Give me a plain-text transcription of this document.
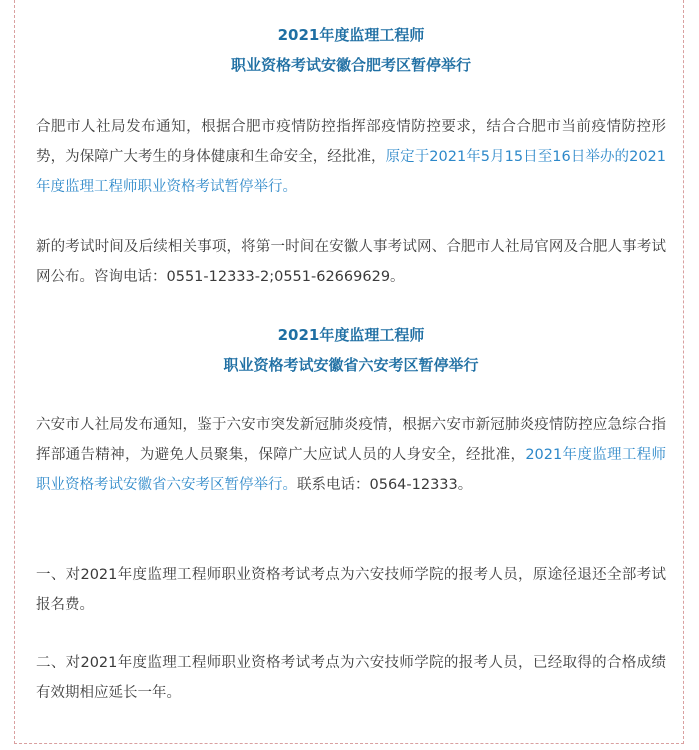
2021年度监理工程师

职业资格考试安徽合肥考区暂停举行

合肥市人社局发布通知，根据合肥市疫情防控指挥部疫情防控要求，结合合肥市当前疫情防控形势，为保障广大考生的身体健康和生命安全，经批准，原定于2021年5月15日至16日举办的2021年度监理工程师职业资格考试暂停举行。

新的考试时间及后续相关事项，将第一时间在安徽人事考试网、合肥市人社局官网及合肥人事考试网公布。咨询电话：0551-12333-2;0551-62669629。

2021年度监理工程师

职业资格考试安徽省六安考区暂停举行

六安市人社局发布通知，鉴于六安市突发新冠肺炎疫情，根据六安市新冠肺炎疫情防控应急综合指挥部通告精神，为避免人员聚集，保障广大应试人员的人身安全，经批准，2021年度监理工程师职业资格考试安徽省六安考区暂停举行。联系电话：0564-12333。

一、对2021年度监理工程师职业资格考试考点为六安技师学院的报考人员，原途径退还全部考试报名费。

二、对2021年度监理工程师职业资格考试考点为六安技师学院的报考人员，已经取得的合格成绩有效期相应延长一年。
